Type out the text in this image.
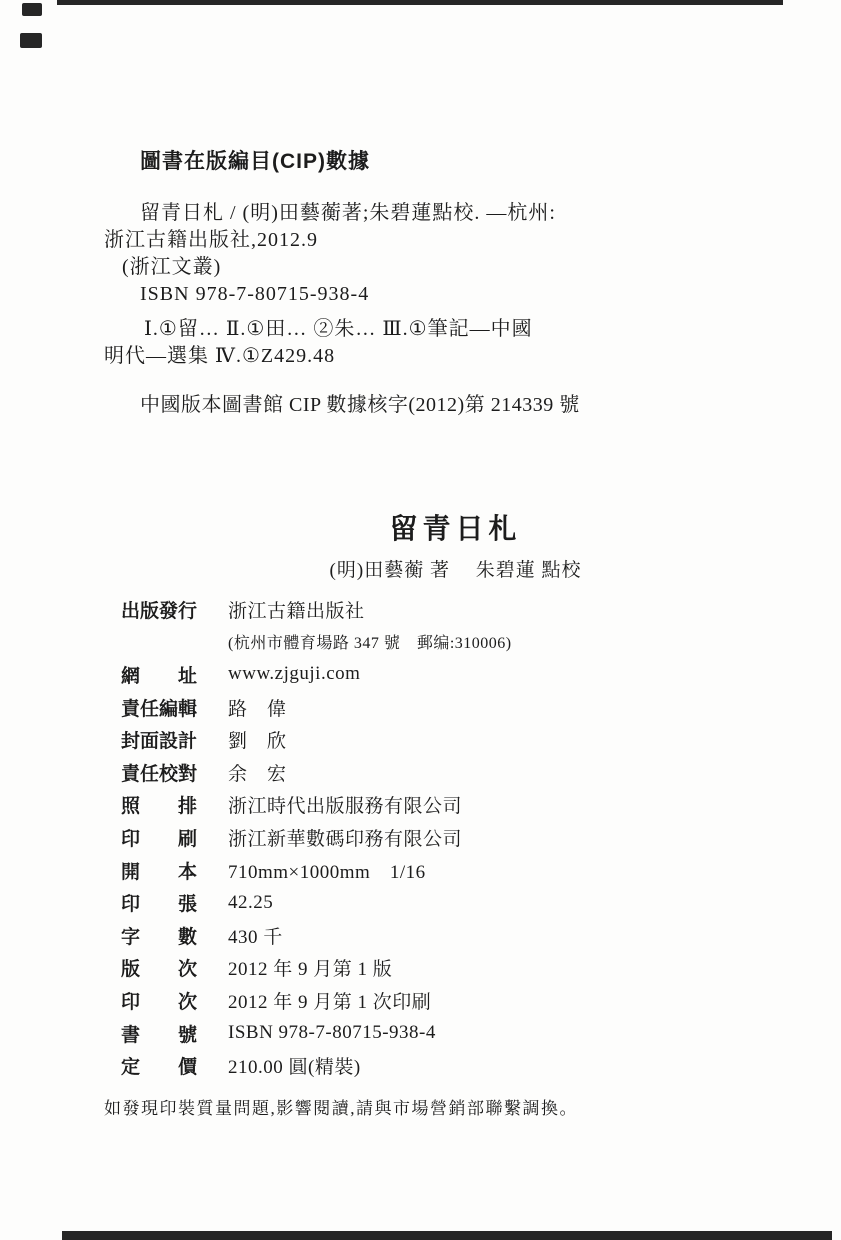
圖書在版編目(CIP)數據
留青日札 / (明)田藝蘅著;朱碧蓮點校. —杭州:
浙江古籍出版社,2012.9
(浙江文叢)
ISBN 978-7-80715-938-4
Ⅰ.①留… Ⅱ.①田… ②朱… Ⅲ.①筆記—中國
明代—選集 Ⅳ.①Z429.48
中國版本圖書館 CIP 數據核字(2012)第 214339 號
留青日札
(明)田藝蘅 著　 朱碧蓮 點校
出版發行 浙江古籍出版社
(杭州市體育場路 347 號　郵编:310006)
網　　址 www.zjguji.com
責任編輯 路　偉
封面設計 劉　欣
責任校對 余　宏
照　　排 浙江時代出版服務有限公司
印　　刷 浙江新華數碼印務有限公司
開　　本 710mm×1000mm　1/16
印　　張 42.25
字　　數 430 千
版　　次 2012 年 9 月第 1 版
印　　次 2012 年 9 月第 1 次印刷
書　　號 ISBN 978-7-80715-938-4
定　　價 210.00 圓(精裝)
如發現印裝質量問題,影響閱讀,請與市場營銷部聯繫調換。
